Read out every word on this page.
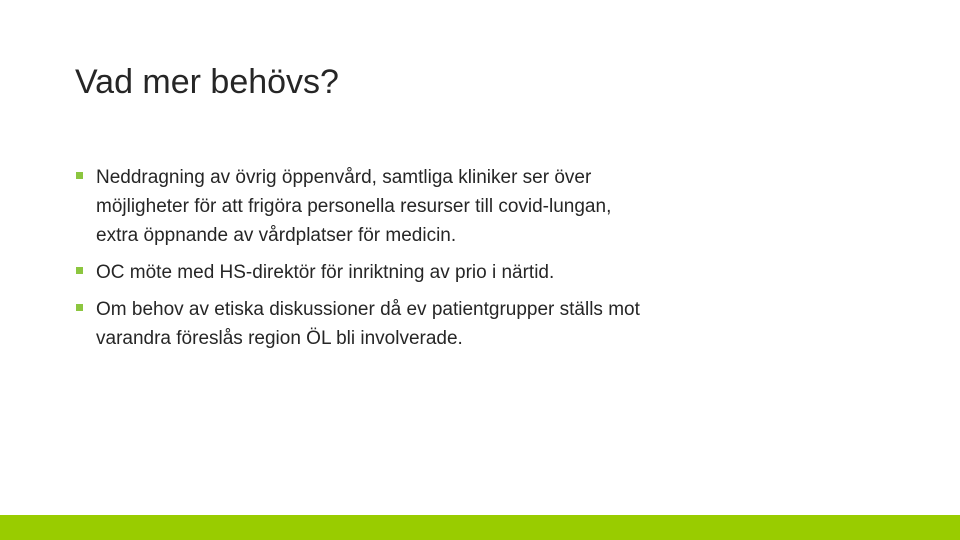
Vad mer behövs?
Neddragning av övrig öppenvård, samtliga kliniker ser över möjligheter för att frigöra personella resurser till covid-lungan, extra öppnande av vårdplatser för medicin.
OC möte med HS-direktör för inriktning av prio i närtid.
Om behov av etiska diskussioner då ev patientgrupper ställs mot varandra föreslås region ÖL bli involverade.
